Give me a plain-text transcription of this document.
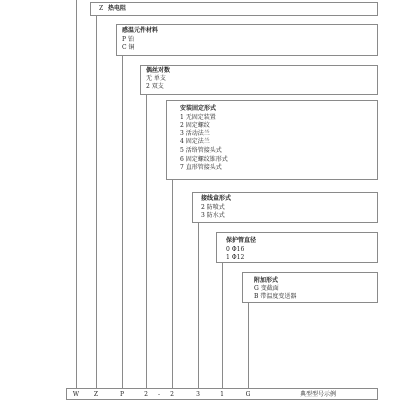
Z 热电阻
感温元件材料
P 铂
C 铜
偶丝对数
无 单支
2 双支
安装固定形式
1 无固定装置
2 固定螺纹
3 活动法兰
4 固定法兰
5 活络管接头式
6 固定螺纹锥形式
7 直形管接头式
接线盒形式
2 防喷式
3 防水式
保护管直径
0 Φ16
1 Φ12
附加形式
G 变截面
B 带温度变送器
W	Z	P	2	-	2	3	1	G	典型型号示例
